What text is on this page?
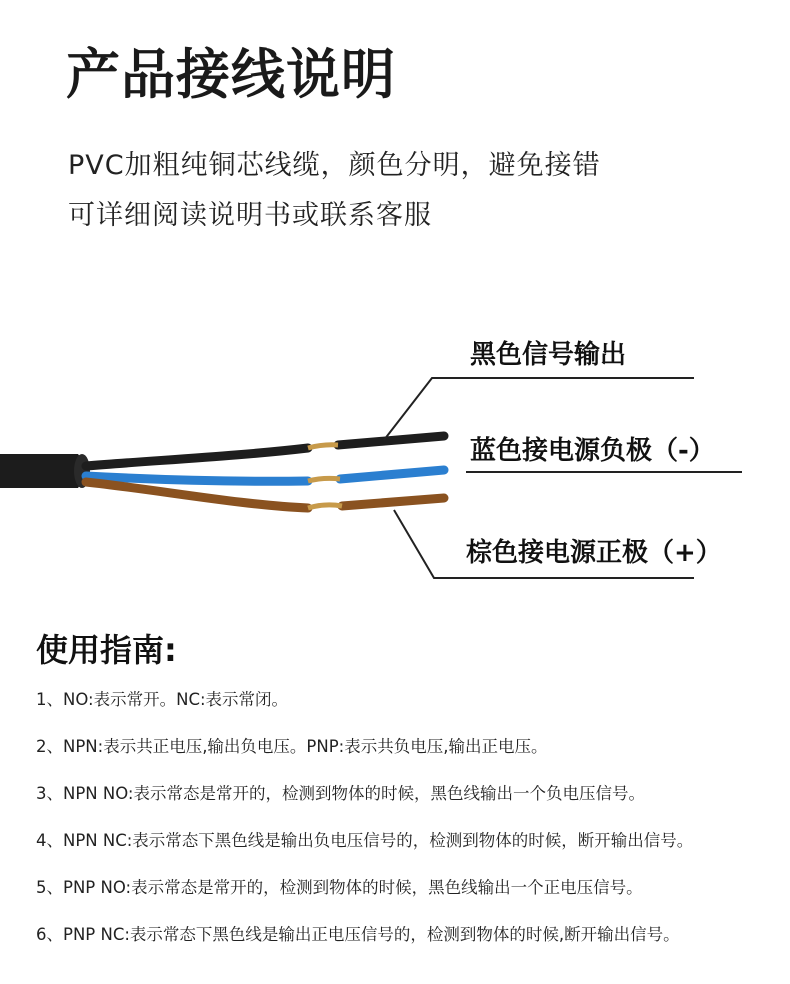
产品接线说明
PVC加粗纯铜芯线缆，颜色分明，避免接错
可详细阅读说明书或联系客服
黑色信号输出
蓝色接电源负极（-）
棕色接电源正极（+）
使用指南:
1、NO:表示常开。NC:表示常闭。
2、NPN:表示共正电压,输出负电压。PNP:表示共负电压,输出正电压。
3、NPN NO:表示常态是常开的，检测到物体的时候，黑色线输出一个负电压信号。
4、NPN NC:表示常态下黑色线是输出负电压信号的，检测到物体的时候，断开输出信号。
5、PNP NO:表示常态是常开的，检测到物体的时候，黑色线输出一个正电压信号。
6、PNP NC:表示常态下黑色线是输出正电压信号的，检测到物体的时候,断开输出信号。
